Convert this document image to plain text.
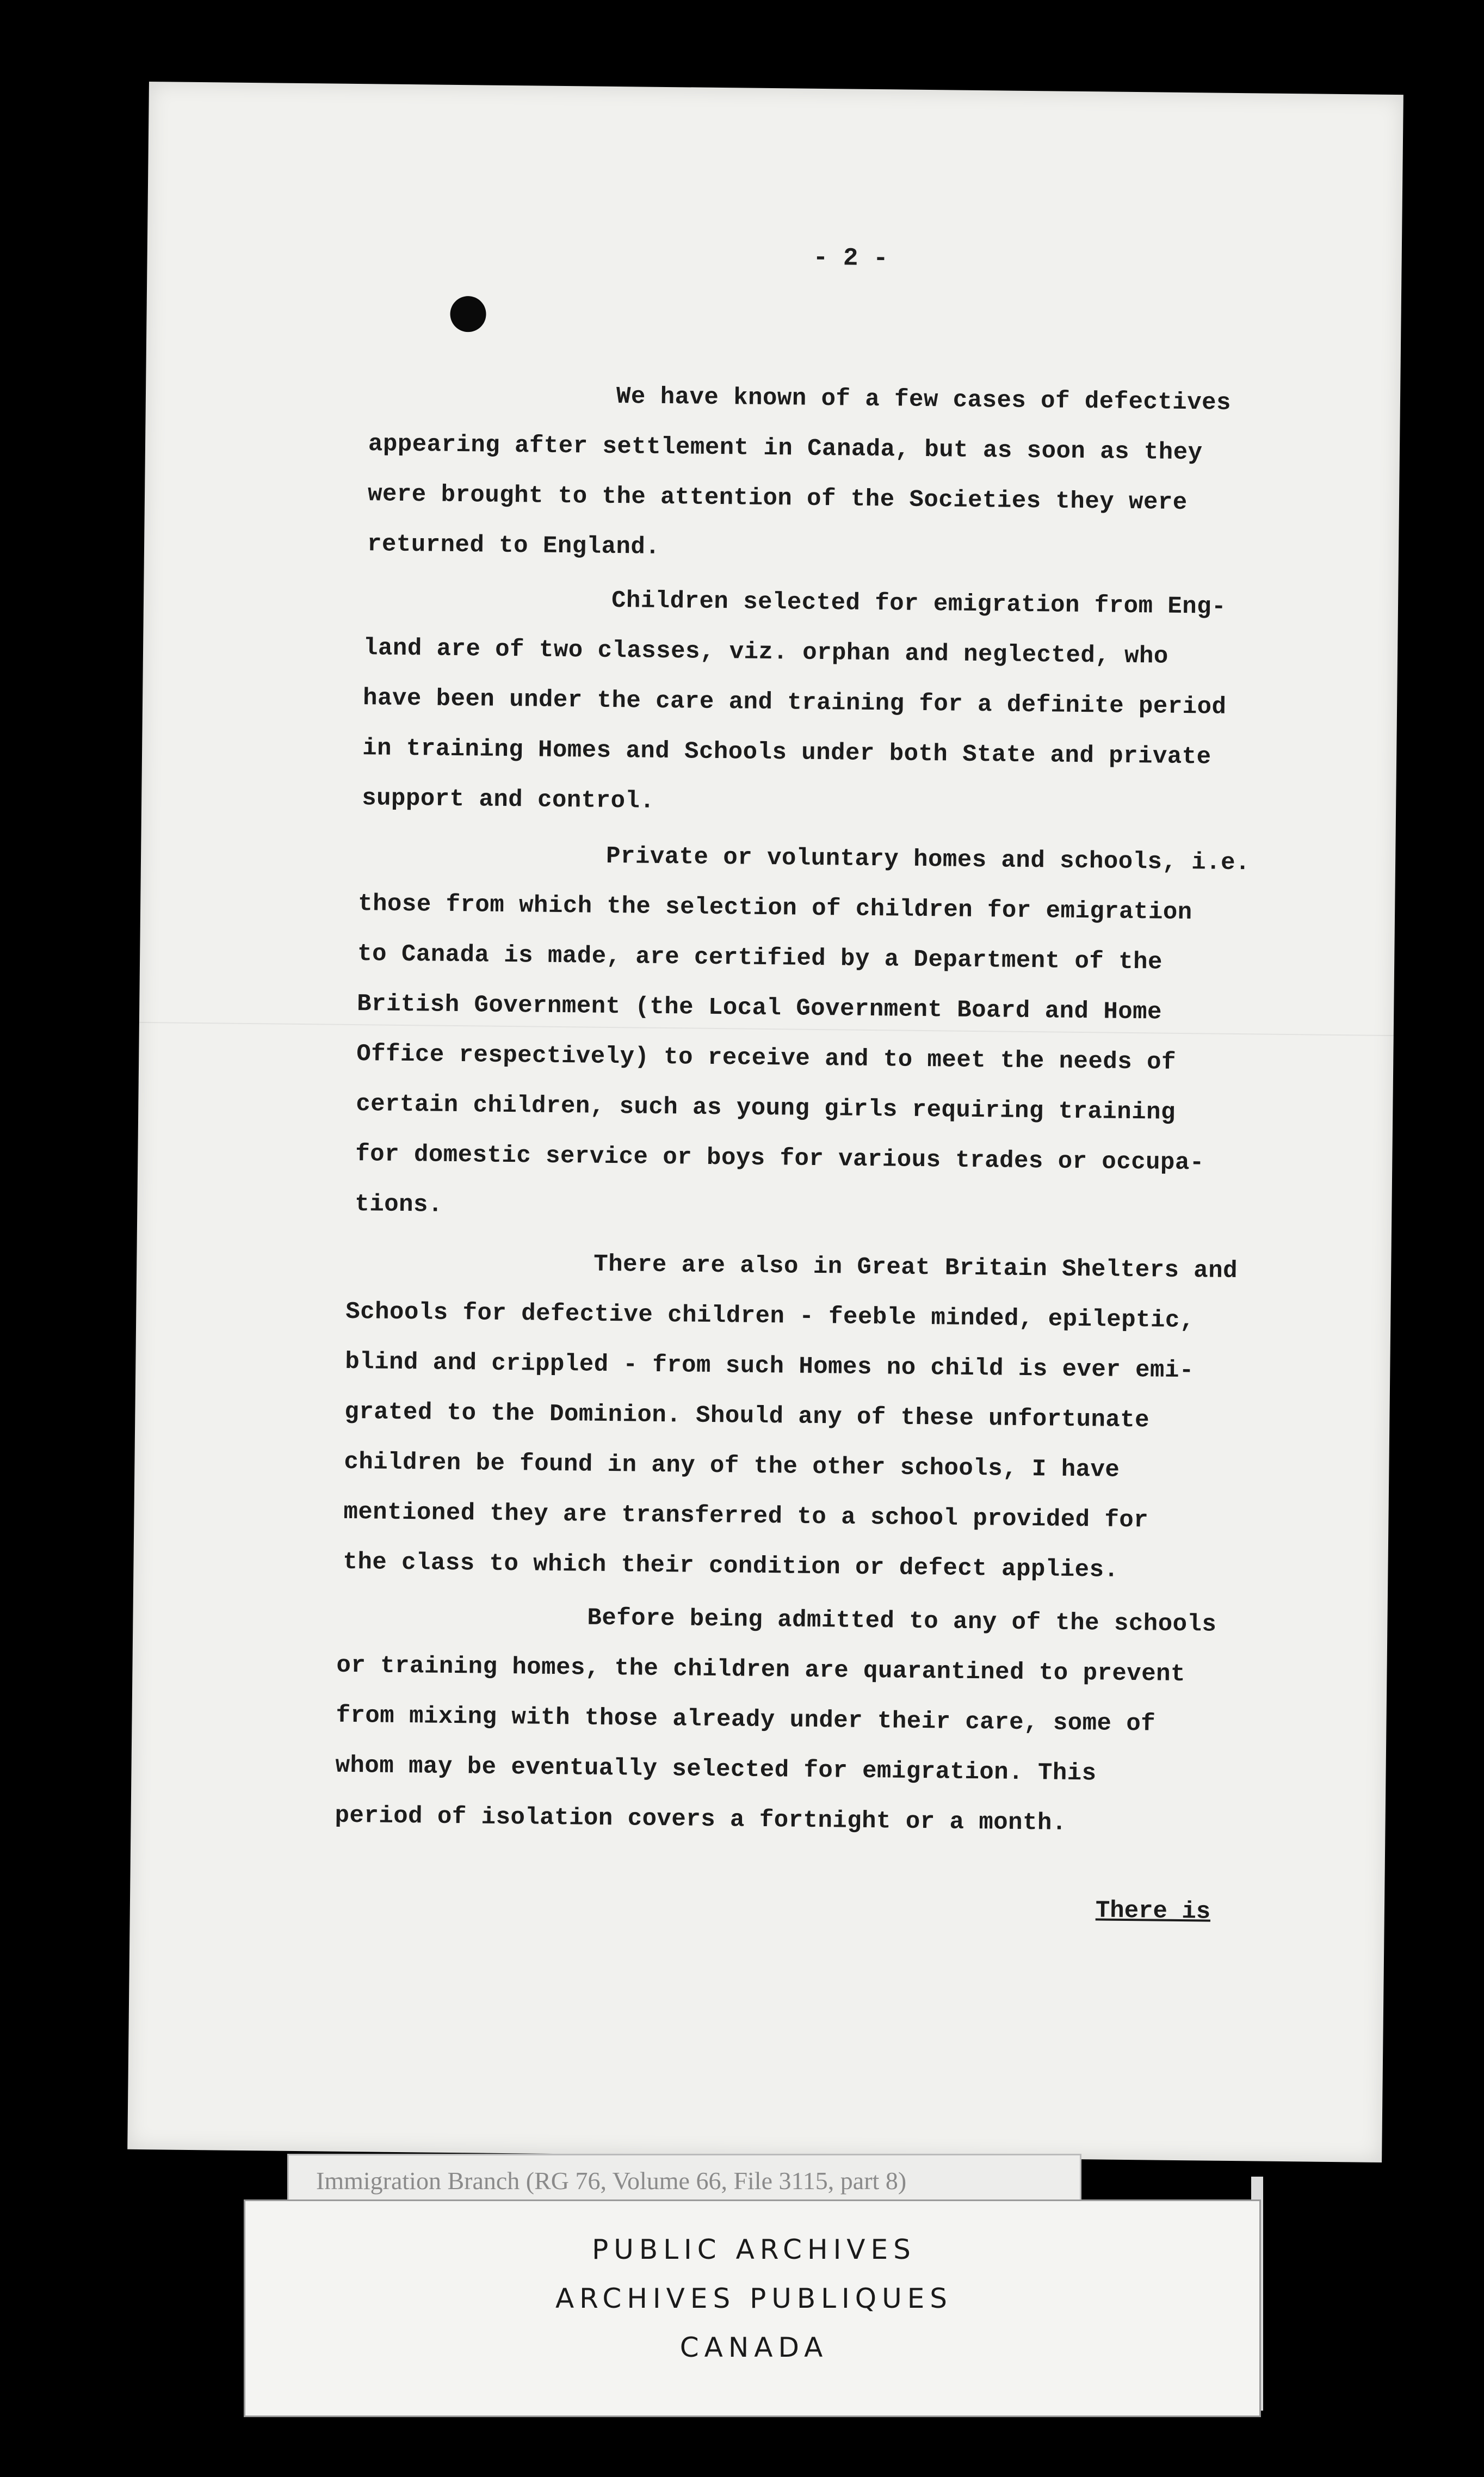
- 2 -
We have known of a few cases of defectives
appearing after settlement in Canada, but as soon as they
were brought to the attention of the Societies they were
returned to England.
Children selected for emigration from Eng-
land are of two classes, viz. orphan and neglected, who
have been under the care and training for a definite period
in training Homes and Schools under both State and private
support and control.
Private or voluntary homes and schools, i.e.
those from which the selection of children for emigration
to Canada is made, are certified by a Department of the
British Government (the Local Government Board and Home
Office respectively) to receive and to meet the needs of
certain children, such as young girls requiring training
for domestic service or boys for various trades or occupa-
tions.
There are also in Great Britain Shelters and
Schools for defective children - feeble minded, epileptic,
blind and crippled - from such Homes no child is ever emi-
grated to the Dominion. Should any of these unfortunate
children be found in any of the other schools, I have
mentioned they are transferred to a school provided for
the class to which their condition or defect applies.
Before being admitted to any of the schools
or training homes, the children are quarantined to prevent
from mixing with those already under their care, some of
whom may be eventually selected for emigration. This
period of isolation covers a fortnight or a month.
There is
Immigration Branch (RG 76, Volume 66, File 3115, part 8)
PUBLIC ARCHIVES
ARCHIVES PUBLIQUES
CANADA
